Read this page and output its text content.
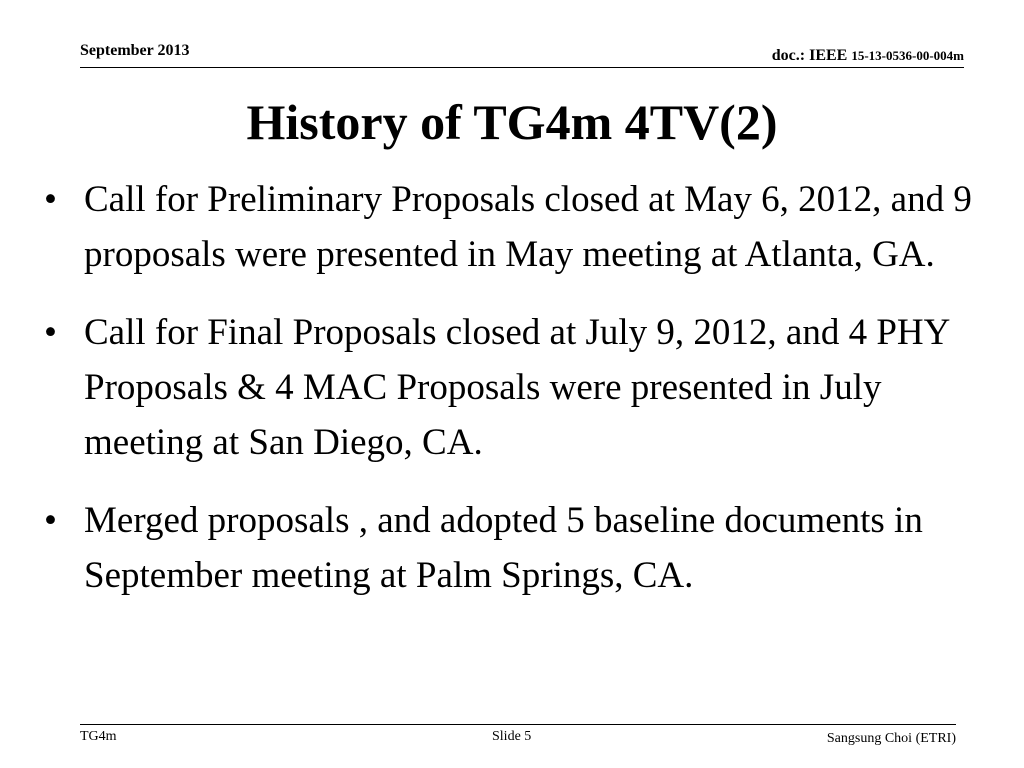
September 2013	doc.: IEEE 15-13-0536-00-004m
History of TG4m 4TV(2)
• Call for Preliminary Proposals closed at May 6, 2012, and 9 proposals were presented in May meeting at Atlanta, GA.
• Call for Final Proposals closed at July 9, 2012, and 4 PHY Proposals & 4 MAC Proposals were presented in July meeting at San Diego, CA.
• Merged proposals , and adopted 5 baseline documents in September meeting at Palm Springs, CA.
TG4m	Slide 5	Sangsung Choi (ETRI)
